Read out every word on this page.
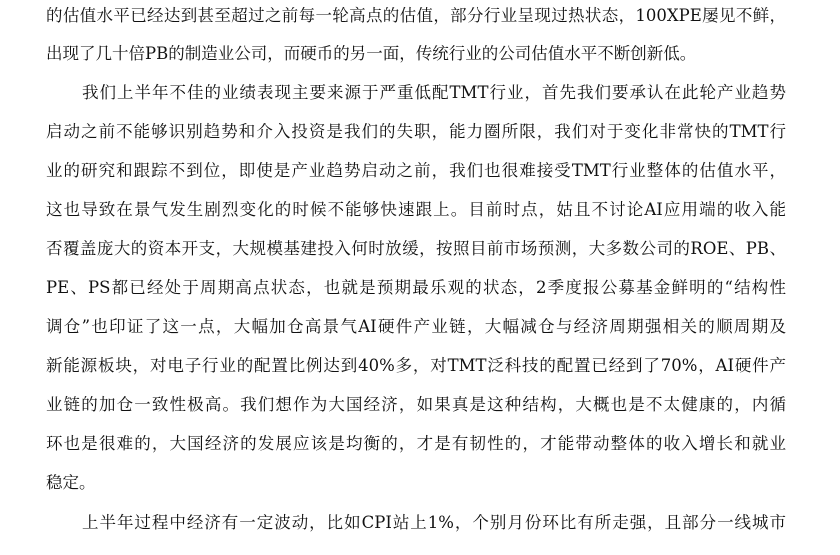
的估值水平已经达到甚至超过之前每一轮高点的估值，部分行业呈现过热状态，100XPE屡见不鲜，
出现了几十倍PB的制造业公司，而硬币的另一面，传统行业的公司估值水平不断创新低。
我们上半年不佳的业绩表现主要来源于严重低配TMT行业，首先我们要承认在此轮产业趋势
启动之前不能够识别趋势和介入投资是我们的失职，能力圈所限，我们对于变化非常快的TMT行
业的研究和跟踪不到位，即使是产业趋势启动之前，我们也很难接受TMT行业整体的估值水平，
这也导致在景气发生剧烈变化的时候不能够快速跟上。目前时点，姑且不讨论AI应用端的收入能
否覆盖庞大的资本开支，大规模基建投入何时放缓，按照目前市场预测，大多数公司的ROE、PB、
PE、PS都已经处于周期高点状态，也就是预期最乐观的状态，2季度报公募基金鲜明的“结构性
调仓”也印证了这一点，大幅加仓高景气AI硬件产业链，大幅减仓与经济周期强相关的顺周期及
新能源板块，对电子行业的配置比例达到40%多，对TMT泛科技的配置已经到了70%，AI硬件产
业链的加仓一致性极高。我们想作为大国经济，如果真是这种结构，大概也是不太健康的，内循
环也是很难的，大国经济的发展应该是均衡的，才是有韧性的，才能带动整体的收入增长和就业
稳定。
上半年过程中经济有一定波动，比如CPI站上1%，个别月份环比有所走强，且部分一线城市
